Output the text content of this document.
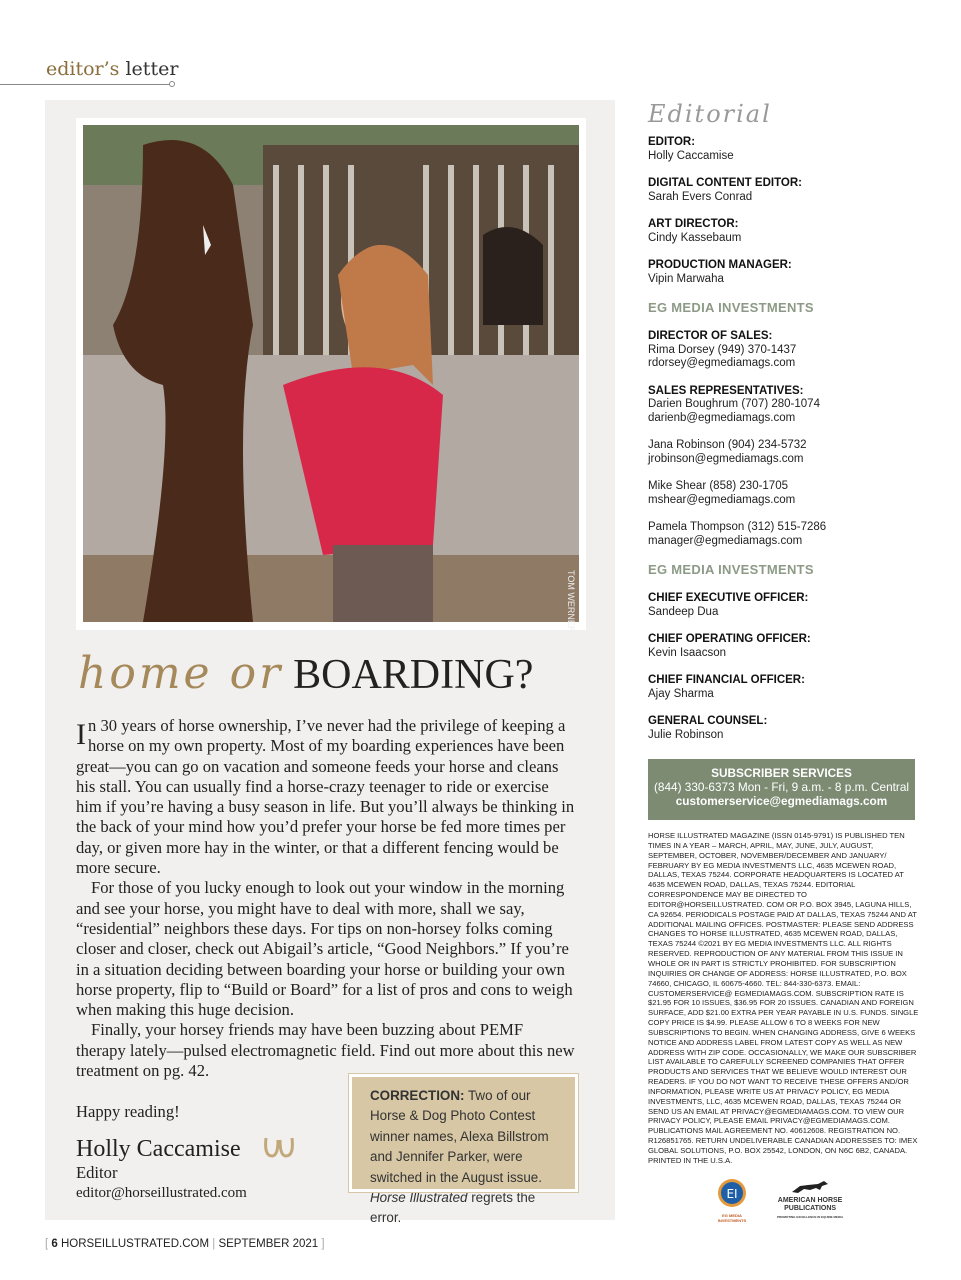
editor’s letter
TOM WERNER
home or BOARDING?

In 30 years of horse ownership, I’ve never had the privilege of keeping a horse on my own property. Most of my boarding experiences have been great—you can go on vacation and someone feeds your horse and cleans his stall. You can usually find a horse-crazy teenager to ride or exercise him if you’re having a busy season in life. But you’ll always be thinking in the back of your mind how you’d prefer your horse be fed more times per day, or given more hay in the winter, or that a different fencing would be more secure.

For those of you lucky enough to look out your window in the morning and see your horse, you might have to deal with more, shall we say, “residential” neighbors these days. For tips on non-horsey folks coming closer and closer, check out Abigail’s article, “Good Neighbors.” If you’re in a situation deciding between boarding your horse or building your own horse property, flip to “Build or Board” for a list of pros and cons to weigh when making this huge decision.

Finally, your horsey friends may have been buzzing about PEMF therapy lately—pulsed electromagnetic field. Find out more about this new treatment on pg. 42.

Happy reading!
Holly Caccamise
Editor
editor@horseillustrated.com
CORRECTION: Two of our Horse & Dog Photo Contest winner names, Alexa Billstrom and Jennifer Parker, were switched in the August issue. Horse Illustrated regrets the error.
Editorial
EDITOR:
Holly Caccamise
DIGITAL CONTENT EDITOR:
Sarah Evers Conrad
ART DIRECTOR:
Cindy Kassebaum
PRODUCTION MANAGER:
Vipin Marwaha
EG MEDIA INVESTMENTS
DIRECTOR OF SALES:
Rima Dorsey (949) 370-1437
rdorsey@egmediamags.com
SALES REPRESENTATIVES:
Darien Boughrum (707) 280-1074
darienb@egmediamags.com
Jana Robinson (904) 234-5732
jrobinson@egmediamags.com
Mike Shear (858) 230-1705
mshear@egmediamags.com
Pamela Thompson (312) 515-7286
manager@egmediamags.com
EG MEDIA INVESTMENTS
CHIEF EXECUTIVE OFFICER:
Sandeep Dua
CHIEF OPERATING OFFICER:
Kevin Isaacson
CHIEF FINANCIAL OFFICER:
Ajay Sharma
GENERAL COUNSEL:
Julie Robinson
SUBSCRIBER SERVICES
(844) 330-6373 Mon - Fri, 9 a.m. - 8 p.m. Central
customerservice@egmediamags.com
HORSE ILLUSTRATED MAGAZINE (ISSN 0145-9791) IS PUBLISHED TEN TIMES IN A YEAR – MARCH, APRIL, MAY, JUNE, JULY, AUGUST, SEPTEMBER, OCTOBER, NOVEMBER/DECEMBER AND JANUARY/ FEBRUARY BY EG MEDIA INVESTMENTS LLC, 4635 MCEWEN ROAD, DALLAS, TEXAS 75244. CORPORATE HEADQUARTERS IS LOCATED AT 4635 MCEWEN ROAD, DALLAS, TEXAS 75244. EDITORIAL CORRESPONDENCE MAY BE DIRECTED TO EDITOR@HORSEILLUSTRATED. COM OR P.O. BOX 3945, LAGUNA HILLS, CA 92654. PERIODICALS POSTAGE PAID AT DALLAS, TEXAS 75244 AND AT ADDITIONAL MAILING OFFICES. POSTMASTER: PLEASE SEND ADDRESS CHANGES TO HORSE ILLUSTRATED, 4635 MCEWEN ROAD, DALLAS, TEXAS 75244 ©2021 BY EG MEDIA INVESTMENTS LLC. ALL RIGHTS RESERVED. REPRODUCTION OF ANY MATERIAL FROM THIS ISSUE IN WHOLE OR IN PART IS STRICTLY PROHIBITED. FOR SUBSCRIPTION INQUIRIES OR CHANGE OF ADDRESS: HORSE ILLUSTRATED, P.O. BOX 74660, CHICAGO, IL 60675-4660. TEL: 844-330-6373. EMAIL: CUSTOMERSERVICE@ EGMEDIAMAGS.COM. SUBSCRIPTION RATE IS $21.95 FOR 10 ISSUES, $36.95 FOR 20 ISSUES. CANADIAN AND FOREIGN SURFACE, ADD $21.00 EXTRA PER YEAR PAYABLE IN U.S. FUNDS. SINGLE COPY PRICE IS $4.99. PLEASE ALLOW 6 TO 8 WEEKS FOR NEW SUBSCRIPTIONS TO BEGIN. WHEN CHANGING ADDRESS, GIVE 6 WEEKS NOTICE AND ADDRESS LABEL FROM LATEST COPY AS WELL AS NEW ADDRESS WITH ZIP CODE. OCCASIONALLY, WE MAKE OUR SUBSCRIBER LIST AVAILABLE TO CAREFULLY SCREENED COMPANIES THAT OFFER PRODUCTS AND SERVICES THAT WE BELIEVE WOULD INTEREST OUR READERS. IF YOU DO NOT WANT TO RECEIVE THESE OFFERS AND/OR INFORMATION, PLEASE WRITE US AT PRIVACY POLICY, EG MEDIA INVESTMENTS, LLC, 4635 MCEWEN ROAD, DALLAS, TEXAS 75244 OR SEND US AN EMAIL AT PRIVACY@EGMEDIAMAGS.COM. TO VIEW OUR PRIVACY POLICY, PLEASE EMAIL PRIVACY@EGMEDIAMAGS.COM. PUBLICATIONS MAIL AGREEMENT NO. 40612608. REGISTRATION NO. R126851765. RETURN UNDELIVERABLE CANADIAN ADDRESSES TO: IMEX GLOBAL SOLUTIONS, P.O. BOX 25542, LONDON, ON N6C 6B2, CANADA. PRINTED IN THE U.S.A.
EI
EG MEDIA INVESTMENTS
AMERICAN HORSE
PUBLICATIONS
PROMOTING EXCELLENCE IN EQUINE MEDIA
[ 6 HORSEILLUSTRATED.COM | SEPTEMBER 2021 ]
